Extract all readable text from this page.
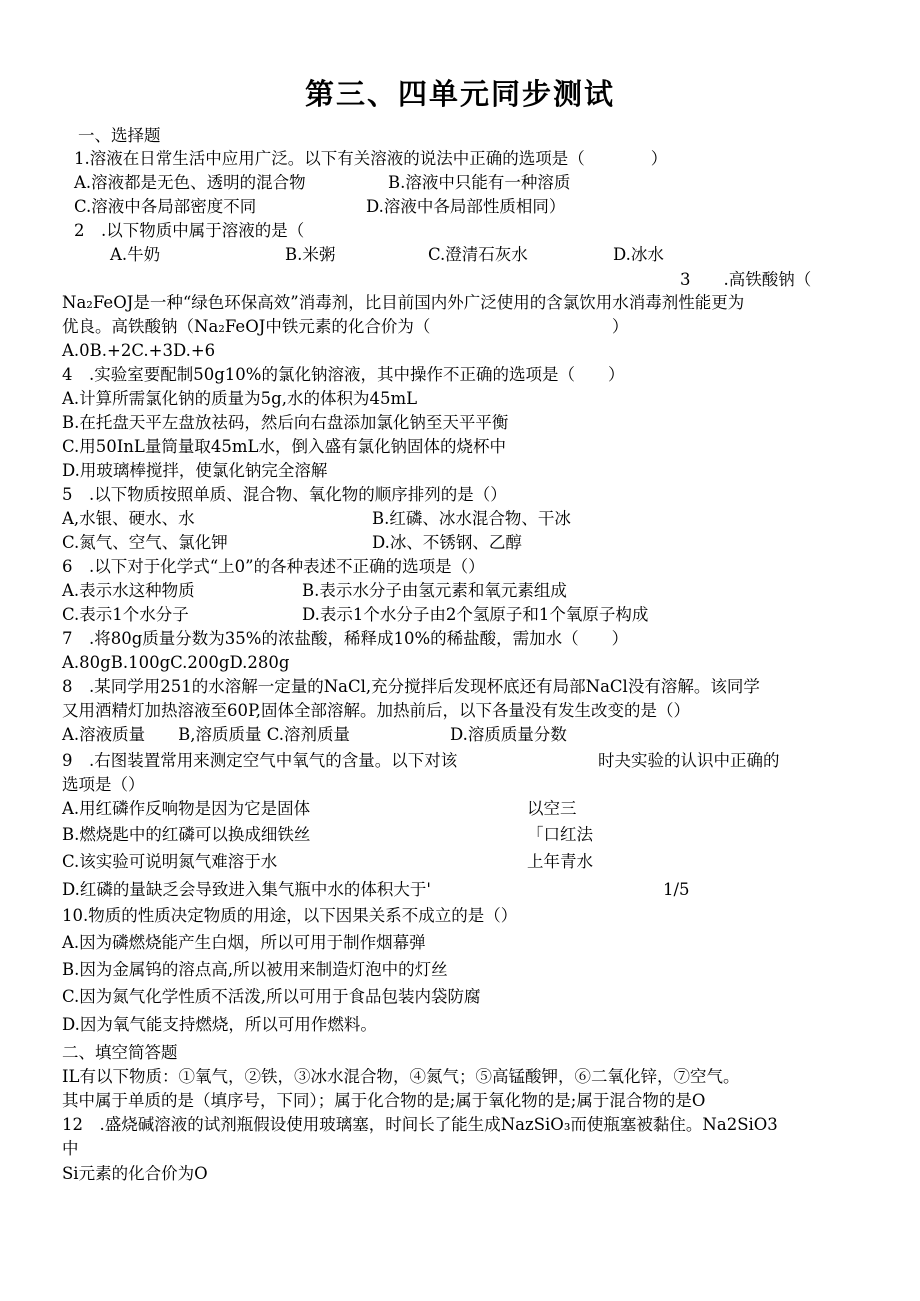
第三、四单元同步测试
一、选择题
1.溶液在日常生活中应用广泛。以下有关溶液的说法中正确的选项是（　　　　）
A.溶液都是无色、透明的混合物	B.溶液中只能有一种溶质
C.溶液中各局部密度不同	D.溶液中各局部性质相同）
2　.以下物质中属于溶液的是（
A.牛奶	B.米粥	C.澄清石灰水	D.冰水
3　　.高铁酸钠（
Na₂FeOJ是一种“绿色环保高效”消毒剂，比目前国内外广泛使用的含氯饮用水消毒剂性能更为
优良。高铁酸钠（Na₂FeOJ中铁元素的化合价为（　　　　　　　　　　　）
A.0B.+2C.+3D.+6
4　.实验室要配制50g10%的氯化钠溶液，其中操作不正确的选项是（　　）
A.计算所需氯化钠的质量为5g,水的体积为45mL
B.在托盘天平左盘放祛码，然后向右盘添加氯化钠至天平平衡
C.用50InL量筒量取45mL水，倒入盛有氯化钠固体的烧杯中
D.用玻璃棒搅拌，使氯化钠完全溶解
5　.以下物质按照单质、混合物、氧化物的顺序排列的是（）
A,水银、硬水、水	B.红磷、冰水混合物、干冰
C.氮气、空气、氯化钾	D.冰、不锈钢、乙醇
6　.以下对于化学式“上0”的各种表述不正确的选项是（）
A.表示水这种物质	B.表示水分子由氢元素和氧元素组成
C.表示1个水分子	D.表示1个水分子由2个氢原子和1个氧原子构成
7　.将80g质量分数为35%的浓盐酸，稀释成10%的稀盐酸，需加水（　　）
A.80gB.100gC.200gD.280g
8　.某同学用251的水溶解一定量的NaCl,充分搅拌后发现杯底还有局部NaCl没有溶解。该同学
又用酒精灯加热溶液至60P,固体全部溶解。加热前后，以下各量没有发生改变的是（）
A.溶液质量　　B,溶质质量 C.溶剂质量	D.溶质质量分数
9　.右图装置常用来测定空气中氧气的含量。以下对该	时夬实验的认识中正确的
选项是（）
A.用红磷作反响物是因为它是固体	以空三
B.燃烧匙中的红磷可以换成细铁丝	「口红法
C.该实验可说明氮气难溶于水	上年青水
D.红磷的量缺乏会导致进入集气瓶中水的体积大于'	1/5
10.物质的性质决定物质的用途，以下因果关系不成立的是（）
A.因为磷燃烧能产生白烟，所以可用于制作烟幕弹
B.因为金属钨的溶点高,所以被用来制造灯泡中的灯丝
C.因为氮气化学性质不活泼,所以可用于食品包装内袋防腐
D.因为氧气能支持燃烧，所以可用作燃料。
二、填空简答题
IL有以下物质：①氧气，②铁，③冰水混合物，④氮气；⑤高锰酸钾，⑥二氧化锌，⑦空气。
其中属于单质的是（填序号，下同）；属于化合物的是;属于氧化物的是;属于混合物的是O
12　.盛烧碱溶液的试剂瓶假设使用玻璃塞，时间长了能生成NazSiO₃而使瓶塞被黏住。Na2SiO3
中
Si元素的化合价为O
